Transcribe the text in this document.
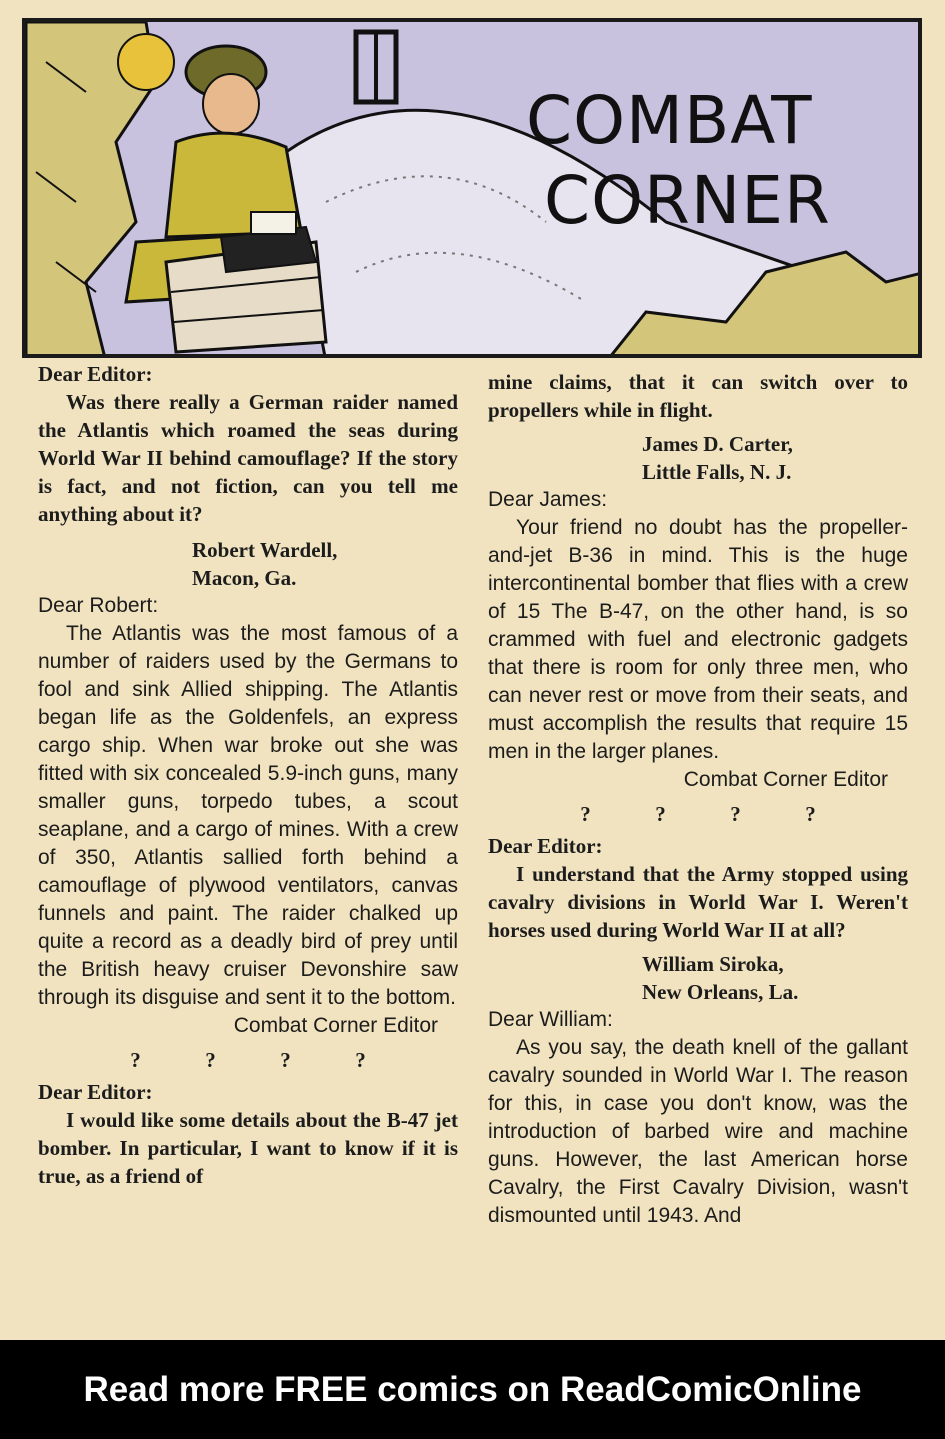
COMBAT
CORNER

Dear Editor:

Was there really a German raider named the Atlantis which roamed the seas during World War II behind camouflage? If the story is fact, and not fiction, can you tell me anything about it?

Robert Wardell,

Macon, Ga.

Dear Robert:

The Atlantis was the most famous of a number of raiders used by the Germans to fool and sink Allied shipping. The Atlantis began life as the Goldenfels, an express cargo ship. When war broke out she was fitted with six concealed 5.9-inch guns, many smaller guns, torpedo tubes, a scout seaplane, and a cargo of mines. With a crew of 350, Atlantis sallied forth behind a camouflage of plywood ventilators, canvas funnels and paint. The raider chalked up quite a record as a deadly bird of prey until the British heavy cruiser Devonshire saw through its disguise and sent it to the bottom.

Combat Corner Editor

?	?	?	?

Dear Editor:

I would like some details about the B-47 jet bomber. In particular, I want to know if it is true, as a friend of

mine claims, that it can switch over to propellers while in flight.

James D. Carter,

Little Falls, N. J.

Dear James:

Your friend no doubt has the propeller-and-jet B-36 in mind. This is the huge intercontinental bomber that flies with a crew of 15 The B-47, on the other hand, is so crammed with fuel and electronic gadgets that there is room for only three men, who can never rest or move from their seats, and must accomplish the results that require 15 men in the larger planes.

Combat Corner Editor

?	?	?	?

Dear Editor:

I understand that the Army stopped using cavalry divisions in World War I. Weren't horses used during World War II at all?

William Siroka,

New Orleans, La.

Dear William:

As you say, the death knell of the gallant cavalry sounded in World War I. The reason for this, in case you don't know, was the introduction of barbed wire and machine guns. However, the last American horse Cavalry, the First Cavalry Division, wasn't dismounted until 1943. And

Read more FREE comics on ReadComicOnline
